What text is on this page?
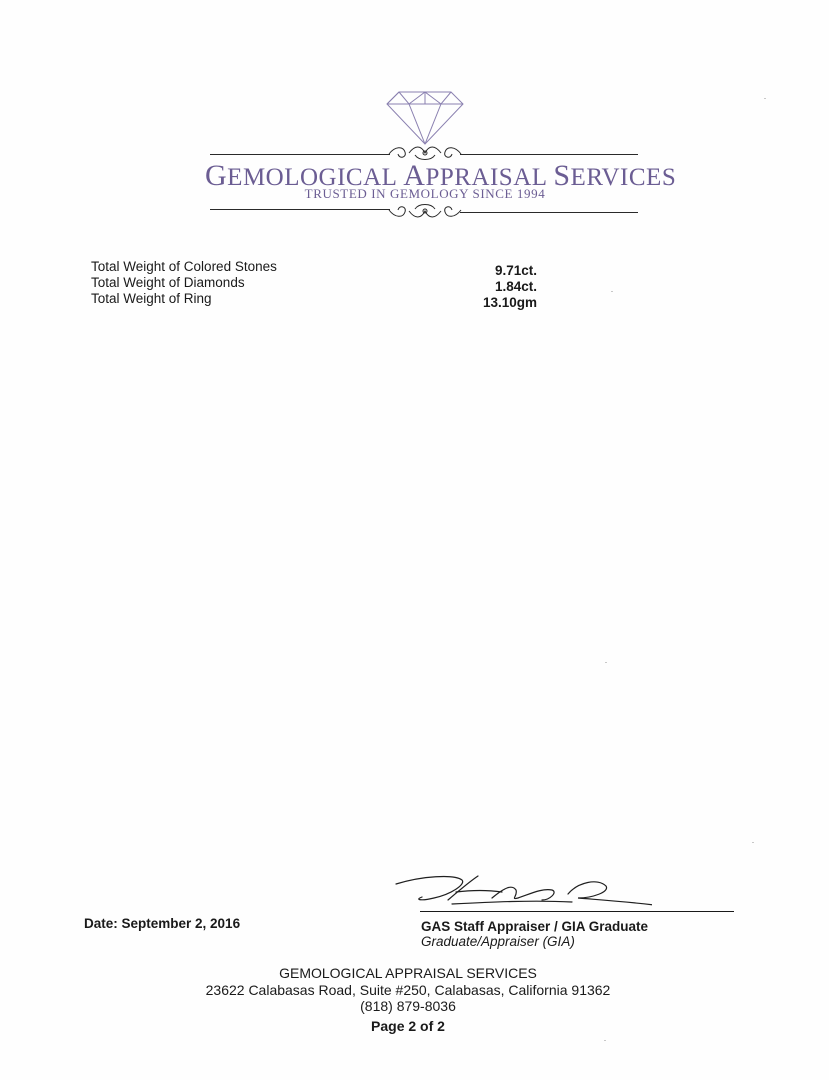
GEMOLOGICAL APPRAISAL SERVICES
TRUSTED IN GEMOLOGY SINCE 1994
Total Weight of Colored Stones	9.71ct.
Total Weight of Diamonds	1.84ct.
Total Weight of Ring	13.10gm
Date: September 2, 2016	GAS Staff Appraiser / GIA Graduate
Graduate/Appraiser (GIA)
GEMOLOGICAL APPRAISAL SERVICES
23622 Calabasas Road, Suite #250, Calabasas, California 91362
(818) 879-8036
Page 2 of 2
